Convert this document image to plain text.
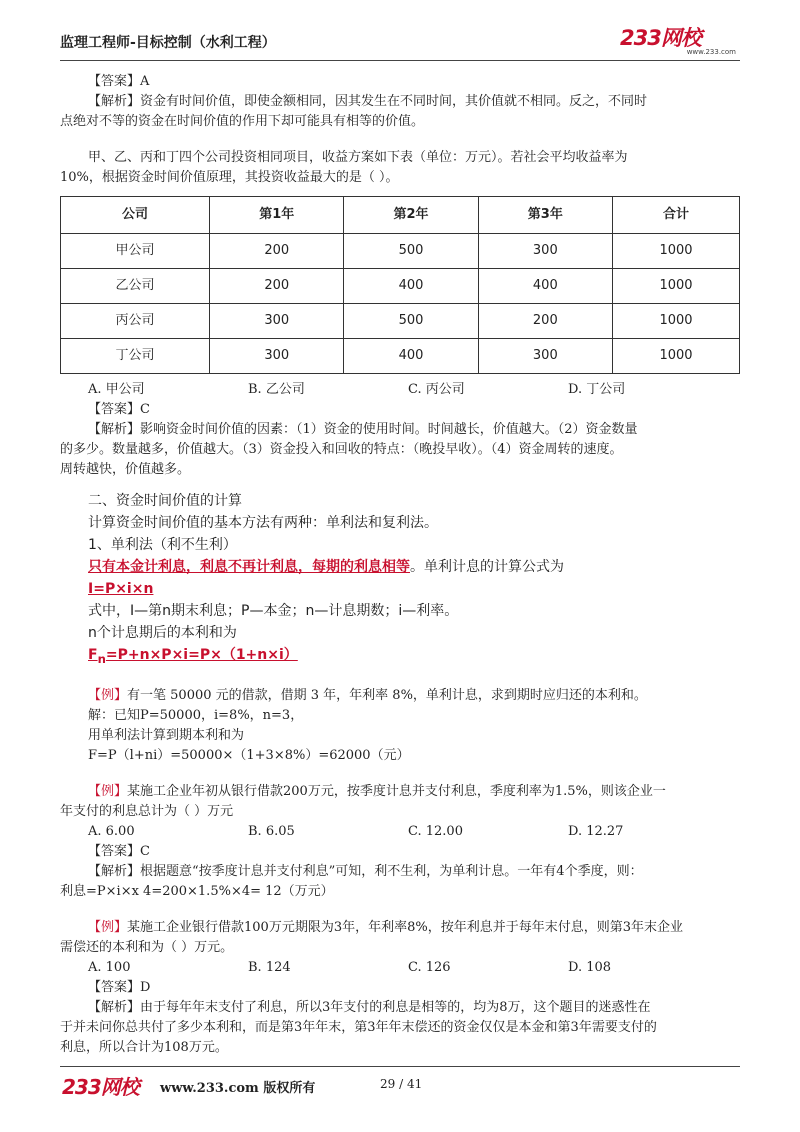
监理工程师-目标控制（水利工程）	233网校
www.233.com
【答案】A
【解析】资金有时间价值，即使金额相同，因其发生在不同时间，其价值就不相同。反之，不同时
点绝对不等的资金在时间价值的作用下却可能具有相等的价值。
甲、乙、丙和丁四个公司投资相同项目，收益方案如下表（单位：万元）。若社会平均收益率为
10%，根据资金时间价值原理，其投资收益最大的是（ ）。
公司	第1年	第2年	第3年	合计
甲公司	200	500	300	1000
乙公司	200	400	400	1000
丙公司	300	500	200	1000
丁公司	300	400	300	1000
A. 甲公司	B. 乙公司	C. 丙公司	D. 丁公司
【答案】C
【解析】影响资金时间价值的因素：（1）资金的使用时间。时间越长，价值越大。（2）资金数量
的多少。数量越多，价值越大。（3）资金投入和回收的特点：（晚投早收）。（4）资金周转的速度。
周转越快，价值越多。
二、资金时间价值的计算
计算资金时间价值的基本方法有两种：单利法和复利法。
1、单利法（利不生利）
只有本金计利息，利息不再计利息，每期的利息相等。单利计息的计算公式为
I=P×i×n
式中，I—第n期末利息；P—本金；n—计息期数；i—利率。
n个计息期后的本利和为
$F_n=P+n\times P\times i=P\times(1+n\times i)$
【例】有一笔 50000 元的借款，借期 3 年，年利率 8%，单利计息，求到期时应归还的本利和。
解：已知P=50000，i=8%，n=3，
用单利法计算到期本利和为
F=P（l+ni）=50000×（1+3×8%）=62000（元）
【例】某施工企业年初从银行借款200万元，按季度计息并支付利息，季度利率为1.5%，则该企业一
年支付的利息总计为（ ）万元
A. 6.00	B. 6.05	C. 12.00	D. 12.27
【答案】C
【解析】根据题意“按季度计息并支付利息”可知，利不生利，为单利计息。一年有4个季度，则：
利息=P×i×x 4=200×1.5%×4= 12（万元）
【例】某施工企业银行借款100万元期限为3年，年利率8%，按年利息并于每年末付息，则第3年末企业
需偿还的本利和为（ ）万元。
A. 100	B. 124	C. 126	D. 108
【答案】D
【解析】由于每年年末支付了利息，所以3年支付的利息是相等的，均为8万，这个题目的迷惑性在
于并未问你总共付了多少本利和，而是第3年年末，第3年年末偿还的资金仅仅是本金和第3年需要支付的
利息，所以合计为108万元。
233网校 www.233.com 版权所有	29 / 41
